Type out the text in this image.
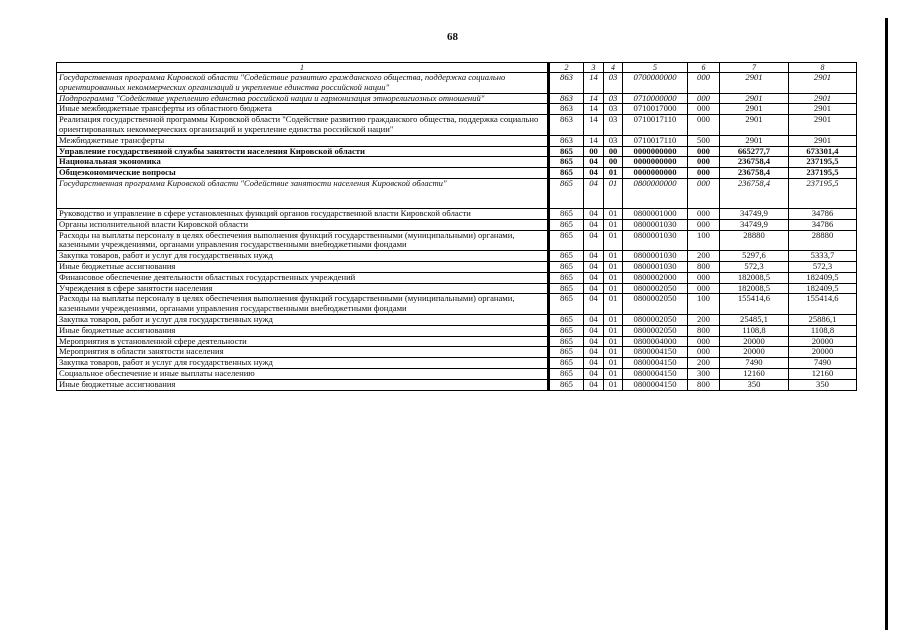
68
1	2	3	4	5	6	7	8
Государственная программа Кировской области "Содействие развитию гражданского общества, поддержка социально ориентированных некоммерческих организаций и укрепление единства российской нации"	863	14	03	0700000000	000	2901	2901
Подпрограмма "Содействие укреплению единства российской нации и гармонизация этнорелигиозных отношений"	863	14	03	0710000000	000	2901	2901
Иные межбюджетные трансферты из областного бюджета	863	14	03	0710017000	000	2901	2901
Реализация государственной программы Кировской области "Содействие развитию гражданского общества, поддержка социально ориентированных некоммерческих организаций и укрепление единства российской нации"	863	14	03	0710017110	000	2901	2901
Межбюджетные трансферты	863	14	03	0710017110	500	2901	2901
Управление государственной службы занятости населения Кировской области	865	00	00	0000000000	000	665277,7	673301,4
Национальная экономика	865	04	00	0000000000	000	236758,4	237195,5
Общеэкономические вопросы	865	04	01	0000000000	000	236758,4	237195,5
Государственная программа Кировской области "Содействие занятости населения Кировской области"	865	04	01	0800000000	000	236758,4	237195,5
Руководство и управление в сфере установленных функций органов государственной власти Кировской области	865	04	01	0800001000	000	34749,9	34786
Органы исполнительной власти Кировской области	865	04	01	0800001030	000	34749,9	34786
Расходы на выплаты персоналу в целях обеспечения выполнения функций государственными (муниципальными) органами, казенными учреждениями, органами управления государственными внебюджетными фондами	865	04	01	0800001030	100	28880	28880
Закупка товаров, работ и услуг для государственных нужд	865	04	01	0800001030	200	5297,6	5333,7
Иные бюджетные ассигнования	865	04	01	0800001030	800	572,3	572,3
Финансовое обеспечение деятельности областных государственных учреждений	865	04	01	0800002000	000	182008,5	182409,5
Учреждения в сфере занятости населения	865	04	01	0800002050	000	182008,5	182409,5
Расходы на выплаты персоналу в целях обеспечения выполнения функций государственными (муниципальными) органами, казенными учреждениями, органами управления государственными внебюджетными фондами	865	04	01	0800002050	100	155414,6	155414,6
Закупка товаров, работ и услуг для государственных нужд	865	04	01	0800002050	200	25485,1	25886,1
Иные бюджетные ассигнования	865	04	01	0800002050	800	1108,8	1108,8
Мероприятия в установленной сфере деятельности	865	04	01	0800004000	000	20000	20000
Мероприятия в области занятости населения	865	04	01	0800004150	000	20000	20000
Закупка товаров, работ и услуг для государственных нужд	865	04	01	0800004150	200	7490	7490
Социальное обеспечение и иные выплаты населению	865	04	01	0800004150	300	12160	12160
Иные бюджетные ассигнования	865	04	01	0800004150	800	350	350
